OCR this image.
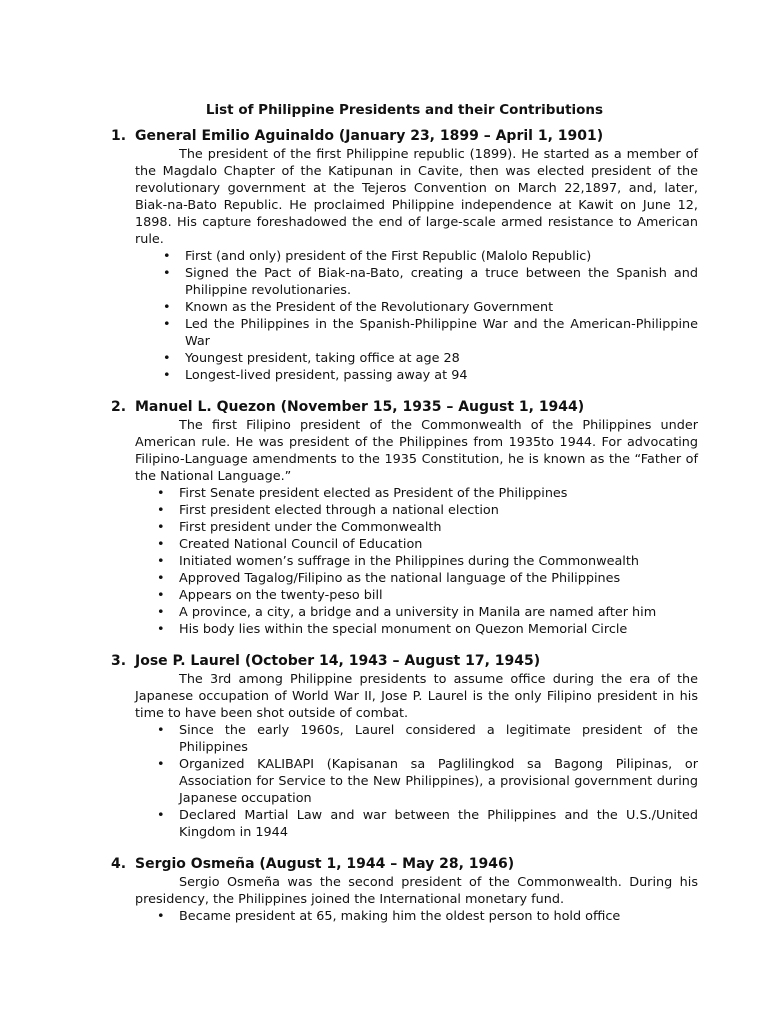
List of Philippine Presidents and their Contributions
1. General Emilio Aguinaldo (January 23, 1899 – April 1, 1901)

The president of the first Philippine republic (1899). He started as a member of the Magdalo Chapter of the Katipunan in Cavite, then was elected president of the revolutionary government at the Tejeros Convention on March 22,1897, and, later, Biak-na-Bato Republic. He proclaimed Philippine independence at Kawit on June 12, 1898. His capture foreshadowed the end of large-scale armed resistance to American rule.

• First (and only) president of the First Republic (Malolo Republic)
• Signed the Pact of Biak-na-Bato, creating a truce between the Spanish and Philippine revolutionaries.
• Known as the President of the Revolutionary Government
• Led the Philippines in the Spanish-Philippine War and the American-Philippine War
• Youngest president, taking office at age 28
• Longest-lived president, passing away at 94
2. Manuel L. Quezon (November 15, 1935 – August 1, 1944)

The first Filipino president of the Commonwealth of the Philippines under American rule. He was president of the Philippines from 1935to 1944. For advocating Filipino-Language amendments to the 1935 Constitution, he is known as the “Father of the National Language.”

• First Senate president elected as President of the Philippines
• First president elected through a national election
• First president under the Commonwealth
• Created National Council of Education
• Initiated women’s suffrage in the Philippines during the Commonwealth
• Approved Tagalog/Filipino as the national language of the Philippines
• Appears on the twenty-peso bill
• A province, a city, a bridge and a university in Manila are named after him
• His body lies within the special monument on Quezon Memorial Circle
3. Jose P. Laurel (October 14, 1943 – August 17, 1945)

The 3rd among Philippine presidents to assume office during the era of the Japanese occupation of World War II, Jose P. Laurel is the only Filipino president in his time to have been shot outside of combat.

• Since the early 1960s, Laurel considered a legitimate president of the Philippines
• Organized KALIBAPI (Kapisanan sa Paglilingkod sa Bagong Pilipinas, or Association for Service to the New Philippines), a provisional government during Japanese occupation
• Declared Martial Law and war between the Philippines and the U.S./United Kingdom in 1944
4. Sergio Osmeña (August 1, 1944 – May 28, 1946)

Sergio Osmeña was the second president of the Commonwealth. During his presidency, the Philippines joined the International monetary fund.

• Became president at 65, making him the oldest person to hold office
